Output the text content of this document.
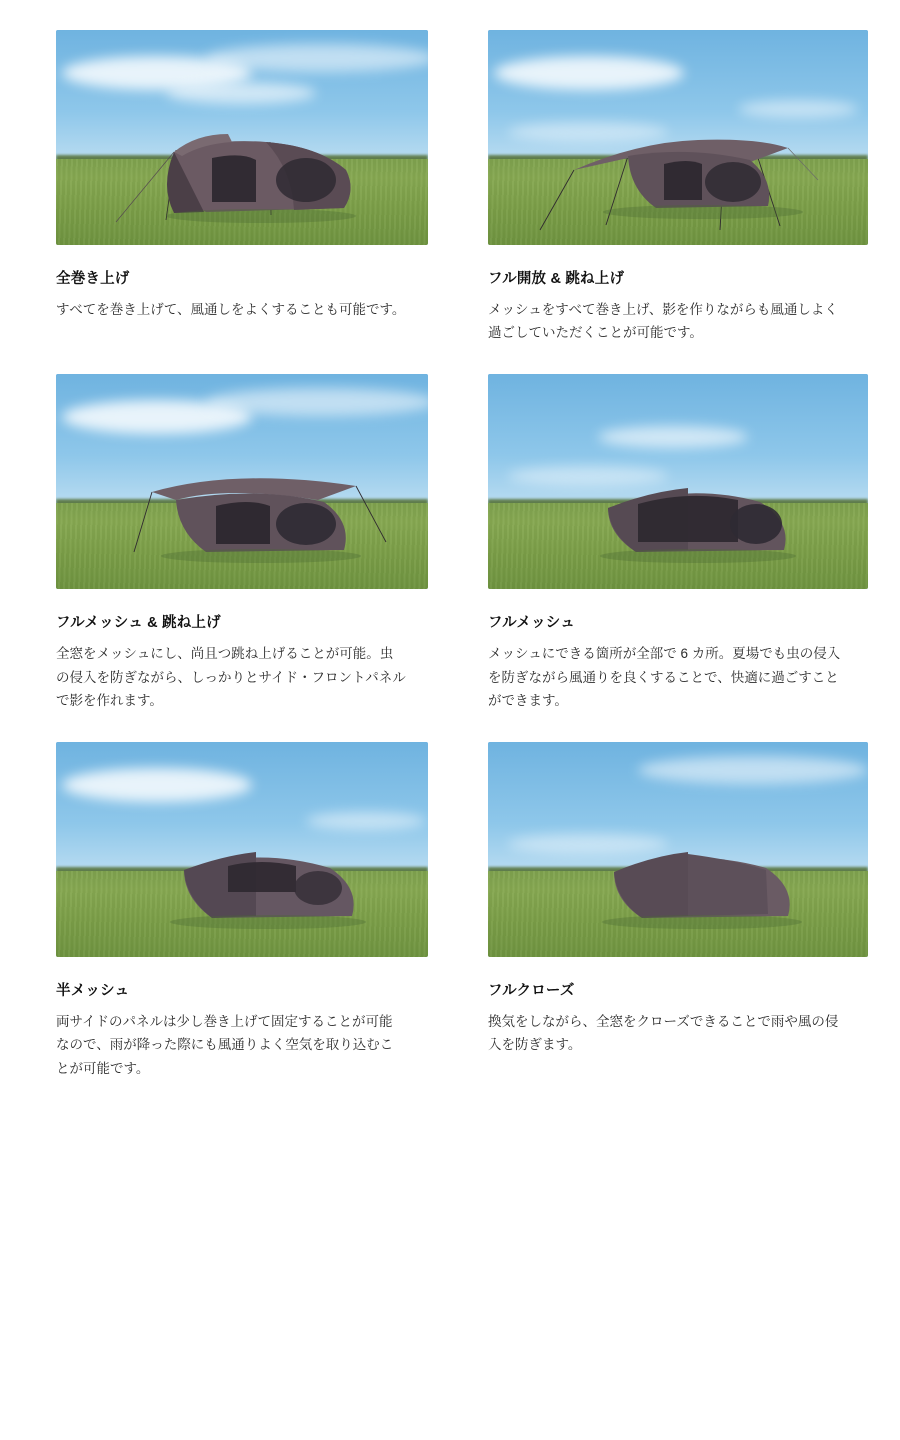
全巻き上げ

すべてを巻き上げて、風通しをよくすることも可能です。

フル開放 & 跳ね上げ

メッシュをすべて巻き上げ、影を作りながらも風通しよく過ごしていただくことが可能です。

フルメッシュ & 跳ね上げ

全窓をメッシュにし、尚且つ跳ね上げることが可能。虫の侵入を防ぎながら、しっかりとサイド・フロントパネルで影を作れます。

フルメッシュ

メッシュにできる箇所が全部で 6 カ所。夏場でも虫の侵入を防ぎながら風通りを良くすることで、快適に過ごすことができます。

半メッシュ

両サイドのパネルは少し巻き上げて固定することが可能なので、雨が降った際にも風通りよく空気を取り込むことが可能です。

フルクローズ

換気をしながら、全窓をクローズできることで雨や風の侵入を防ぎます。
